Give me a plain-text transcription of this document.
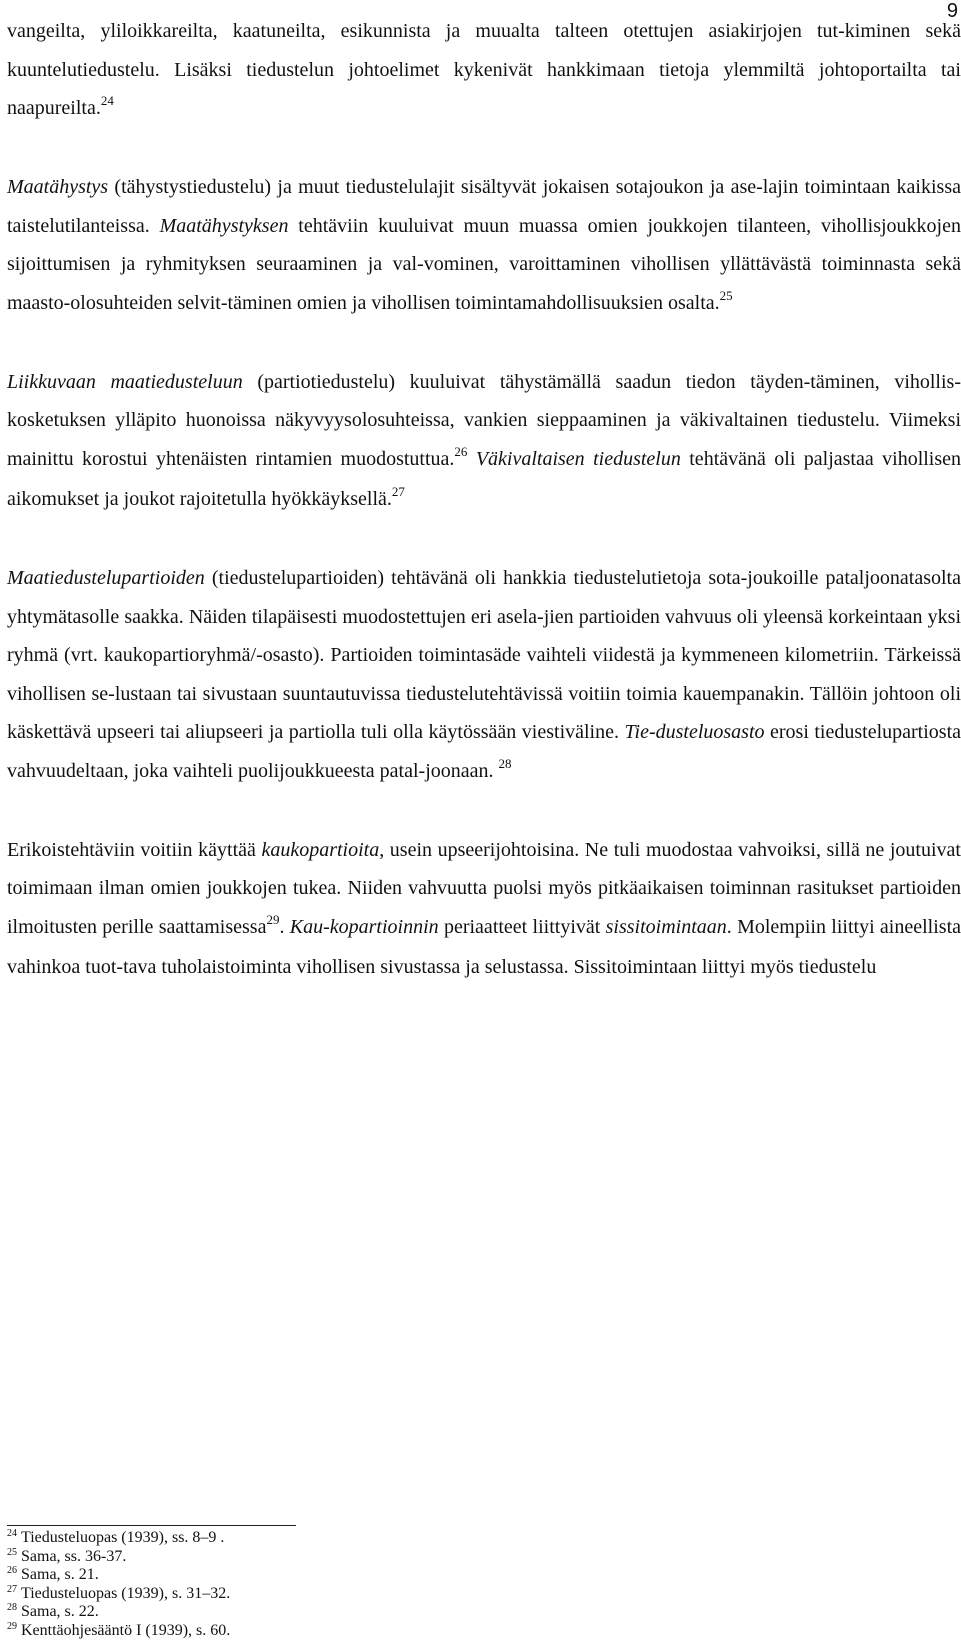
9

vangeilta, yliloikkareilta, kaatuneilta, esikunnista ja muualta talteen otettujen asiakirjojen tut-kiminen sekä kuuntelutiedustelu. Lisäksi tiedustelun johtoelimet kykenivät hankkimaan tietoja ylemmiltä johtoportailta tai naapureilta.$^{24}$

Maatähystys (tähystystiedustelu) ja muut tiedustelulajit sisältyvät jokaisen sotajoukon ja ase-lajin toimintaan kaikissa taistelutilanteissa. Maatähystyksen tehtäviin kuuluivat muun muassa omien joukkojen tilanteen, vihollisjoukkojen sijoittumisen ja ryhmityksen seuraaminen ja val-vominen, varoittaminen vihollisen yllättävästä toiminnasta sekä maasto-olosuhteiden selvit-täminen omien ja vihollisen toimintamahdollisuuksien osalta.$^{25}$

Liikkuvaan maatiedusteluun (partiotiedustelu) kuuluivat tähystämällä saadun tiedon täyden-täminen, viholliskosketuksen ylläpito huonoissa näkyvyysolosuhteissa, vankien sieppaaminen ja väkivaltainen tiedustelu. Viimeksi mainittu korostui yhtenäisten rintamien muodostuttua.$^{26}$ Väkivaltaisen tiedustelun tehtävänä oli paljastaa vihollisen aikomukset ja joukot rajoitetulla hyökkäyksellä.$^{27}$

Maatiedustelupartioiden (tiedustelupartioiden) tehtävänä oli hankkia tiedustelutietoja sota-joukoille pataljoonatasolta yhtymätasolle saakka. Näiden tilapäisesti muodostettujen eri asela-jien partioiden vahvuus oli yleensä korkeintaan yksi ryhmä (vrt. kaukopartioryhmä/-osasto). Partioiden toimintasäde vaihteli viidestä ja kymmeneen kilometriin. Tärkeissä vihollisen se-lustaan tai sivustaan suuntautuvissa tiedustelutehtävissä voitiin toimia kauempanakin. Tällöin johtoon oli käskettävä upseeri tai aliupseeri ja partiolla tuli olla käytössään viestiväline. Tie-dusteluosasto erosi tiedustelupartiosta vahvuudeltaan, joka vaihteli puolijoukkueesta patal-joonaan. $^{28}$

Erikoistehtäviin voitiin käyttää kaukopartioita, usein upseerijohtoisina. Ne tuli muodostaa vahvoiksi, sillä ne joutuivat toimimaan ilman omien joukkojen tukea. Niiden vahvuutta puolsi myös pitkäaikaisen toiminnan rasitukset partioiden ilmoitusten perille saattamisessa$^{29}$. Kau-kopartioinnin periaatteet liittyivät sissitoimintaan. Molempiin liittyi aineellista vahinkoa tuot-tava tuholaistoiminta vihollisen sivustassa ja selustassa. Sissitoimintaan liittyi myös tiedustelu

$^{24}$ Tiedusteluopas (1939), ss. 8–9 .
$^{25}$ Sama, ss. 36-37.
$^{26}$ Sama, s. 21.
$^{27}$ Tiedusteluopas (1939), s. 31–32.
$^{28}$ Sama, s. 22.
$^{29}$ Kenttäohjesääntö I (1939), s. 60.
